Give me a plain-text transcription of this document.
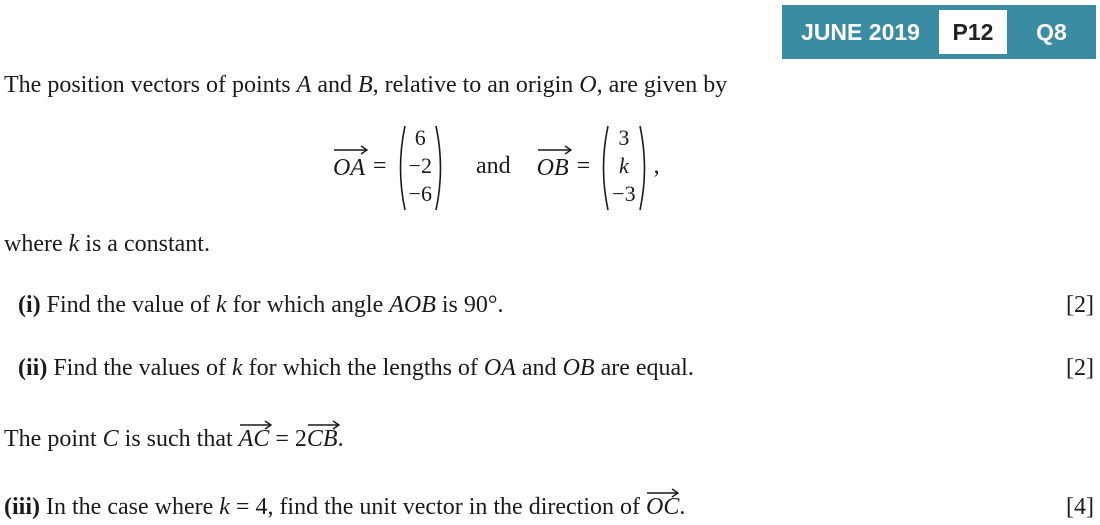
JUNE 2019	P12	Q8
The position vectors of points A and B, relative to an origin O, are given by
OA =
6
−2
−6
and OB =
3
k
−3
,
where k is a constant.
(i) Find the value of k for which angle AOB is 90°.	[2]
(ii) Find the values of k for which the lengths of OA and OB are equal.	[2]
The point C is such that
AC = 2
CB.
(iii) In the case where k = 4, find the unit vector in the direction of
OC.	[4]
